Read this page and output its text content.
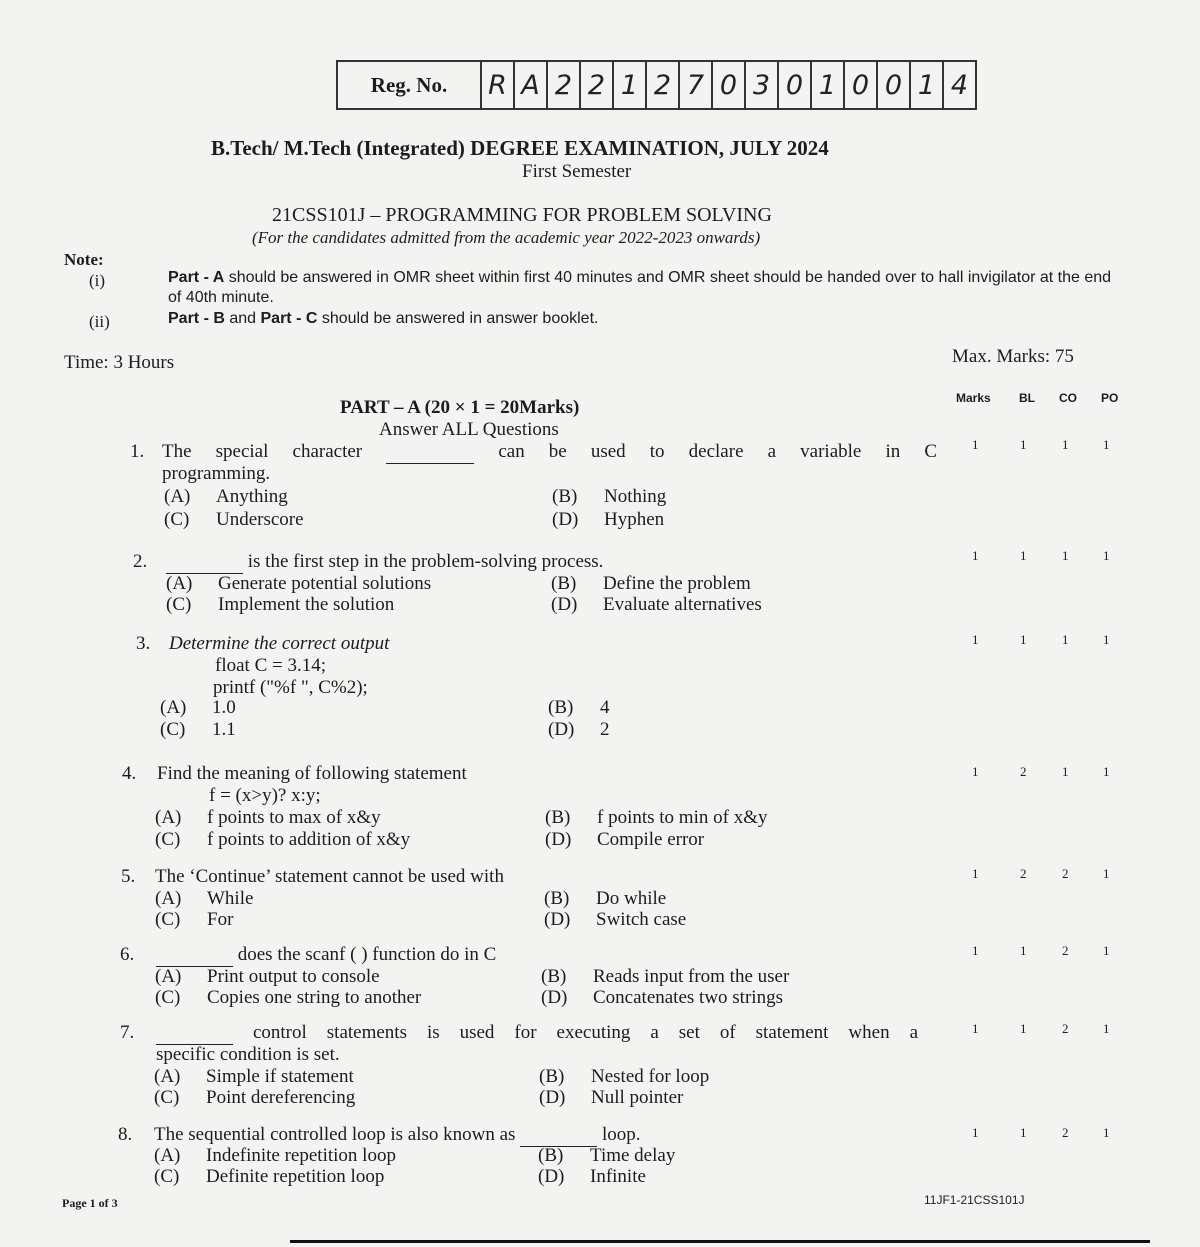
Reg. No.	R A 2 2 1 2 7 0 3 0 1 0 0 1 4
B.Tech/ M.Tech (Integrated) DEGREE EXAMINATION, JULY 2024
First Semester
21CSS101J – PROGRAMMING FOR PROBLEM SOLVING
(For the candidates admitted from the academic year 2022-2023 onwards)
Note:
(i)	Part - A should be answered in OMR sheet within first 40 minutes and OMR sheet should be handed over to hall invigilator at the end of 40th minute.
(ii)	Part - B and Part - C should be answered in answer booklet.
Time: 3 Hours	Max. Marks: 75
Marks BL CO PO
PART – A (20 × 1 = 20Marks)
Answer ALL Questions
1. The special character	can be used to declare a variable in C
programming.
(A) Anything	(B) Nothing
(C) Underscore	(D) Hyphen
1	1	1	1
2.	is the first step in the problem-solving process.
(A) Generate potential solutions	(B) Define the problem
(C) Implement the solution	(D) Evaluate alternatives
1	1	1	1
3. Determine the correct output
float C = 3.14;
printf ("%f ", C%2);
(A) 1.0	(B) 4
(C) 1.1	(D) 2
1	1	1	1
4. Find the meaning of following statement
f = (x>y)? x:y;
(A) f points to max of x&y	(B) f points to min of x&y
(C) f points to addition of x&y	(D) Compile error
1	2	1	1
5. The ‘Continue’ statement cannot be used with
(A) While	(B) Do while
(C) For	(D) Switch case
1	2	2	1
6.	does the scanf ( ) function do in C
(A) Print output to console	(B) Reads input from the user
(C) Copies one string to another	(D) Concatenates two strings
1	1	2	1
7.	control statements is used for executing a set of statement when a
specific condition is set.
(A) Simple if statement	(B) Nested for loop
(C) Point dereferencing	(D) Null pointer
1	1	2	1
8. The sequential controlled loop is also known as	loop.
(A) Indefinite repetition loop	(B) Time delay
(C) Definite repetition loop	(D) Infinite
1	1	2	1
Page 1 of 3	11JF1-21CSS101J
